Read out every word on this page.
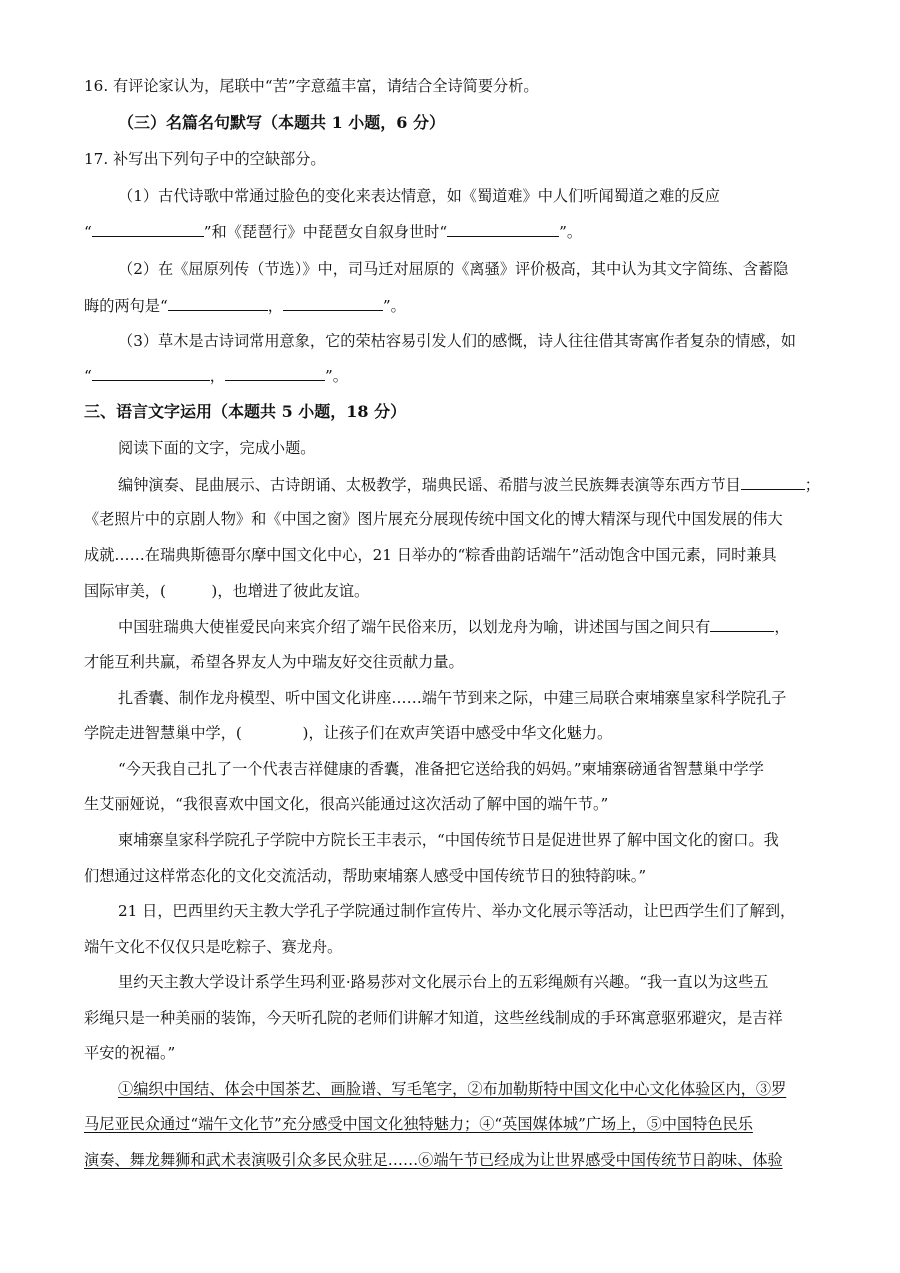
16. 有评论家认为，尾联中“苦”字意蕴丰富，请结合全诗简要分析。
（三）名篇名句默写（本题共 1 小题，6 分）
17. 补写出下列句子中的空缺部分。
（1）古代诗歌中常通过脸色的变化来表达情意，如《蜀道难》中人们听闻蜀道之难的反应
“	”和《琵琶行》中琵琶女自叙身世时“	”。
（2）在《屈原列传（节选）》中，司马迁对屈原的《离骚》评价极高，其中认为其文字简练、含蓄隐
晦的两句是“	，	”。
（3）草木是古诗词常用意象，它的荣枯容易引发人们的感慨，诗人往往借其寄寓作者复杂的情感，如
“	，	”。
三、语言文字运用（本题共 5 小题，18 分）
阅读下面的文字，完成小题。
编钟演奏、昆曲展示、古诗朗诵、太极教学，瑞典民谣、希腊与波兰民族舞表演等东西方节目	；
《老照片中的京剧人物》和《中国之窗》图片展充分展现传统中国文化的博大精深与现代中国发展的伟大
成就……在瑞典斯德哥尔摩中国文化中心，21 日举办的“粽香曲韵话端午”活动饱含中国元素，同时兼具
国际审美，(　　　)，也增进了彼此友谊。
中国驻瑞典大使崔爱民向来宾介绍了端午民俗来历，以划龙舟为喻，讲述国与国之间只有	，
才能互利共赢，希望各界友人为中瑞友好交往贡献力量。
扎香囊、制作龙舟模型、听中国文化讲座……端午节到来之际，中建三局联合柬埔寨皇家科学院孔子
学院走进智慧巢中学，(　　　　)，让孩子们在欢声笑语中感受中华文化魅力。
“今天我自己扎了一个代表吉祥健康的香囊，准备把它送给我的妈妈。”柬埔寨磅通省智慧巢中学学
生艾丽娅说，“我很喜欢中国文化，很高兴能通过这次活动了解中国的端午节。”
柬埔寨皇家科学院孔子学院中方院长王丰表示，“中国传统节日是促进世界了解中国文化的窗口。我
们想通过这样常态化的文化交流活动，帮助柬埔寨人感受中国传统节日的独特韵味。”
21 日，巴西里约天主教大学孔子学院通过制作宣传片、举办文化展示等活动，让巴西学生们了解到，
端午文化不仅仅只是吃粽子、赛龙舟。
里约天主教大学设计系学生玛利亚·路易莎对文化展示台上的五彩绳颇有兴趣。“我一直以为这些五
彩绳只是一种美丽的装饰，今天听孔院的老师们讲解才知道，这些丝线制成的手环寓意驱邪避灾，是吉祥
平安的祝福。”
①编织中国结、体会中国茶艺、画脸谱、写毛笔字，②布加勒斯特中国文化中心文化体验区内，③罗
马尼亚民众通过“端午文化节”充分感受中国文化独特魅力；④“英国媒体城”广场上，⑤中国特色民乐
演奏、舞龙舞狮和武术表演吸引众多民众驻足……⑥端午节已经成为让世界感受中国传统节日韵味、体验
